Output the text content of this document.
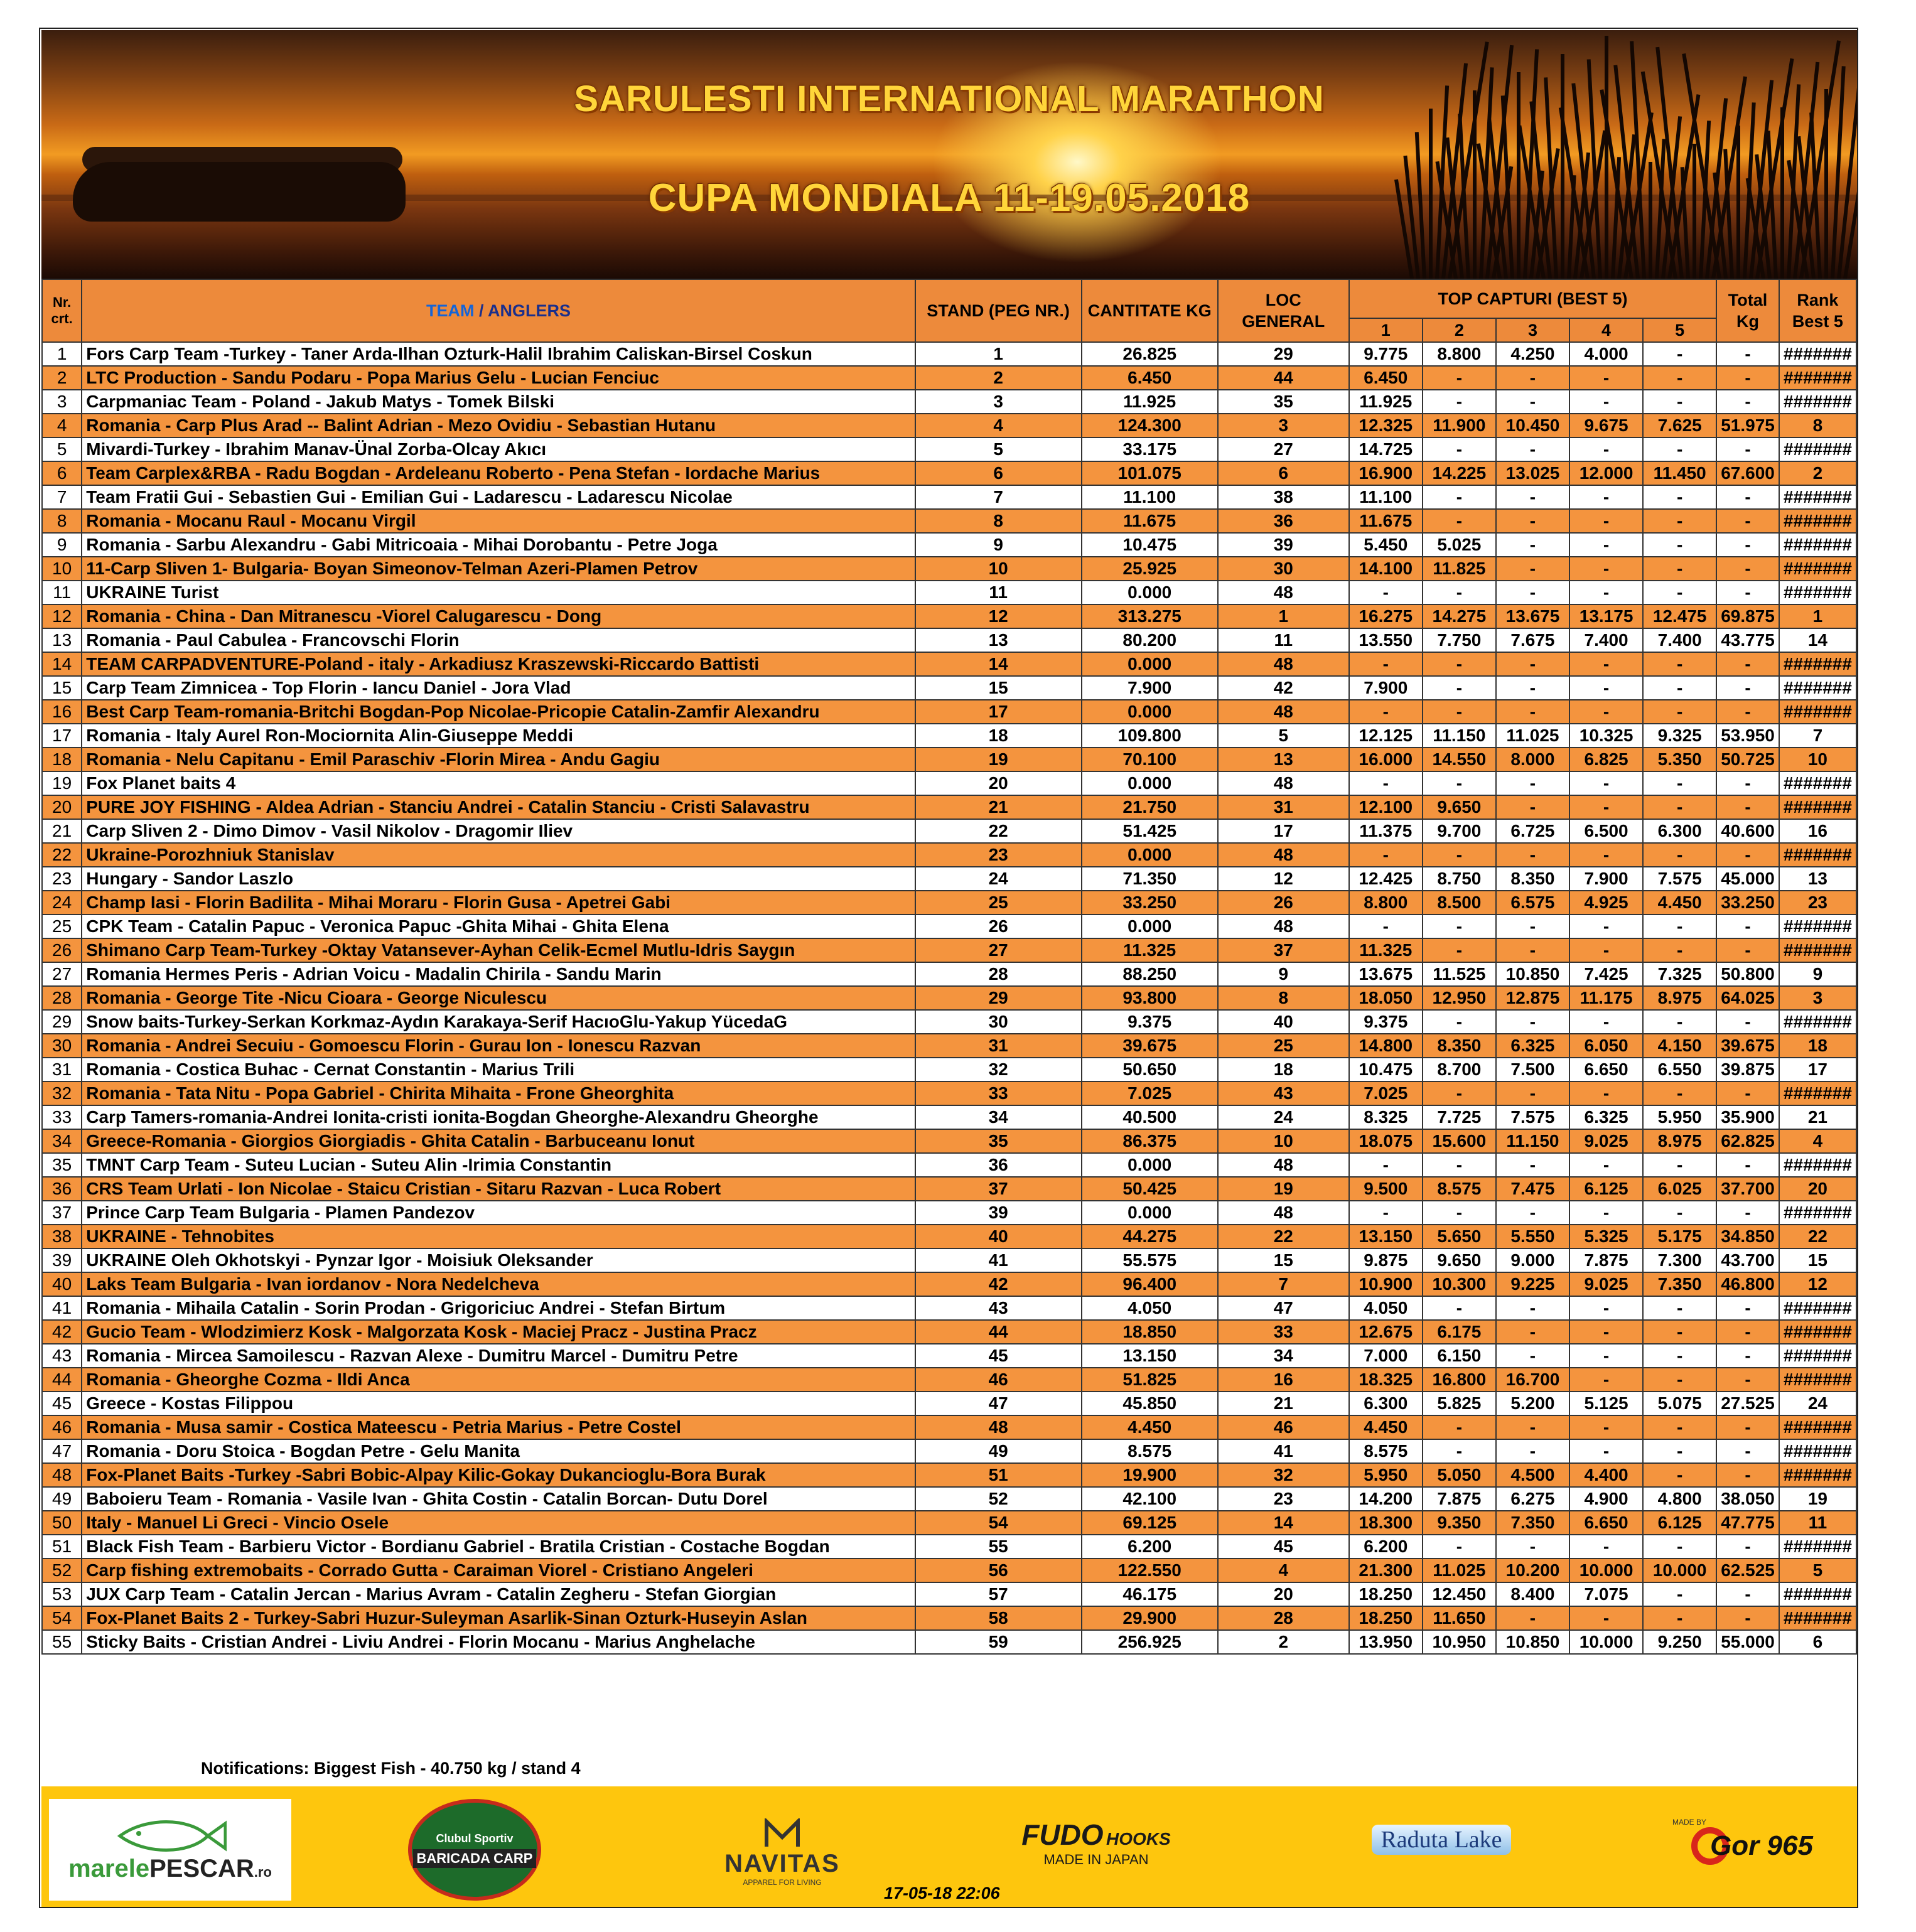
SARULESTI INTERNATIONAL MARATHON
CUPA MONDIALA 11-19.05.2018
Nr. crt.	TEAM / ANGLERS	STAND (PEG NR.)	CANTITATE KG	LOC GENERAL	TOP CAPTURI (BEST 5)					Total Kg	Rank Best 5
					1	2	3	4	5		
1	Fors Carp Team -Turkey - Taner Arda-Ilhan Ozturk-Halil Ibrahim Caliskan-Birsel Coskun	1	26.825	29	9.775	8.800	4.250	4.000	-	-	#######
2	LTC Production - Sandu Podaru - Popa Marius Gelu - Lucian Fenciuc	2	6.450	44	6.450	-	-	-	-	-	#######
3	Carpmaniac Team - Poland - Jakub Matys - Tomek Bilski	3	11.925	35	11.925	-	-	-	-	-	#######
4	Romania - Carp Plus Arad -- Balint Adrian - Mezo Ovidiu - Sebastian Hutanu	4	124.300	3	12.325	11.900	10.450	9.675	7.625	51.975	8
5	Mivardi-Turkey - Ibrahim Manav-Ünal Zorba-Olcay Akıcı	5	33.175	27	14.725	-	-	-	-	-	#######
6	Team Carplex&RBA - Radu Bogdan - Ardeleanu Roberto - Pena Stefan - Iordache Marius	6	101.075	6	16.900	14.225	13.025	12.000	11.450	67.600	2
7	Team Fratii Gui - Sebastien Gui - Emilian Gui - Ladarescu - Ladarescu Nicolae	7	11.100	38	11.100	-	-	-	-	-	#######
8	Romania - Mocanu Raul - Mocanu Virgil	8	11.675	36	11.675	-	-	-	-	-	#######
9	Romania - Sarbu Alexandru - Gabi Mitricoaia - Mihai Dorobantu - Petre Joga	9	10.475	39	5.450	5.025	-	-	-	-	#######
10	11-Carp Sliven 1- Bulgaria- Boyan Simeonov-Telman Azeri-Plamen Petrov	10	25.925	30	14.100	11.825	-	-	-	-	#######
11	UKRAINE Turist	11	0.000	48	-	-	-	-	-	-	#######
12	Romania - China - Dan Mitranescu -Viorel Calugarescu - Dong	12	313.275	1	16.275	14.275	13.675	13.175	12.475	69.875	1
13	Romania - Paul Cabulea - Francovschi Florin	13	80.200	11	13.550	7.750	7.675	7.400	7.400	43.775	14
14	TEAM CARPADVENTURE-Poland - italy - Arkadiusz Kraszewski-Riccardo Battisti	14	0.000	48	-	-	-	-	-	-	#######
15	Carp Team Zimnicea - Top Florin - Iancu Daniel - Jora Vlad	15	7.900	42	7.900	-	-	-	-	-	#######
16	Best Carp Team-romania-Britchi Bogdan-Pop Nicolae-Pricopie Catalin-Zamfir Alexandru	17	0.000	48	-	-	-	-	-	-	#######
17	Romania - Italy Aurel Ron-Mociornita Alin-Giuseppe Meddi	18	109.800	5	12.125	11.150	11.025	10.325	9.325	53.950	7
18	Romania - Nelu Capitanu - Emil Paraschiv -Florin Mirea - Andu Gagiu	19	70.100	13	16.000	14.550	8.000	6.825	5.350	50.725	10
19	Fox Planet baits 4	20	0.000	48	-	-	-	-	-	-	#######
20	PURE JOY FISHING - Aldea Adrian - Stanciu Andrei - Catalin Stanciu - Cristi Salavastru	21	21.750	31	12.100	9.650	-	-	-	-	#######
21	Carp Sliven 2 - Dimo Dimov - Vasil Nikolov - Dragomir Iliev	22	51.425	17	11.375	9.700	6.725	6.500	6.300	40.600	16
22	Ukraine-Porozhniuk Stanislav	23	0.000	48	-	-	-	-	-	-	#######
23	Hungary - Sandor Laszlo	24	71.350	12	12.425	8.750	8.350	7.900	7.575	45.000	13
24	Champ Iasi - Florin Badilita - Mihai Moraru - Florin Gusa - Apetrei Gabi	25	33.250	26	8.800	8.500	6.575	4.925	4.450	33.250	23
25	CPK Team - Catalin Papuc - Veronica Papuc -Ghita Mihai - Ghita Elena	26	0.000	48	-	-	-	-	-	-	#######
26	Shimano Carp Team-Turkey -Oktay Vatansever-Ayhan Celik-Ecmel Mutlu-Idris Saygın	27	11.325	37	11.325	-	-	-	-	-	#######
27	Romania Hermes Peris - Adrian Voicu - Madalin Chirila - Sandu Marin	28	88.250	9	13.675	11.525	10.850	7.425	7.325	50.800	9
28	Romania - George Tite -Nicu Cioara - George Niculescu	29	93.800	8	18.050	12.950	12.875	11.175	8.975	64.025	3
29	Snow baits-Turkey-Serkan Korkmaz-Aydın Karakaya-Serif HacıoGlu-Yakup YücedaG	30	9.375	40	9.375	-	-	-	-	-	#######
30	Romania - Andrei Secuiu - Gomoescu Florin - Gurau Ion - Ionescu Razvan	31	39.675	25	14.800	8.350	6.325	6.050	4.150	39.675	18
31	Romania - Costica Buhac - Cernat Constantin - Marius Trili	32	50.650	18	10.475	8.700	7.500	6.650	6.550	39.875	17
32	Romania - Tata Nitu - Popa Gabriel - Chirita Mihaita - Frone Gheorghita	33	7.025	43	7.025	-	-	-	-	-	#######
33	Carp Tamers-romania-Andrei Ionita-cristi ionita-Bogdan Gheorghe-Alexandru Gheorghe	34	40.500	24	8.325	7.725	7.575	6.325	5.950	35.900	21
34	Greece-Romania - Giorgios Giorgiadis - Ghita Catalin - Barbuceanu Ionut	35	86.375	10	18.075	15.600	11.150	9.025	8.975	62.825	4
35	TMNT Carp Team - Suteu Lucian - Suteu Alin -Irimia Constantin	36	0.000	48	-	-	-	-	-	-	#######
36	CRS Team Urlati - Ion Nicolae - Staicu Cristian - Sitaru Razvan - Luca Robert	37	50.425	19	9.500	8.575	7.475	6.125	6.025	37.700	20
37	Prince Carp Team Bulgaria - Plamen Pandezov	39	0.000	48	-	-	-	-	-	-	#######
38	UKRAINE - Tehnobites	40	44.275	22	13.150	5.650	5.550	5.325	5.175	34.850	22
39	UKRAINE Oleh Okhotskyi - Pynzar Igor - Moisiuk Oleksander	41	55.575	15	9.875	9.650	9.000	7.875	7.300	43.700	15
40	Laks Team Bulgaria - Ivan iordanov - Nora Nedelcheva	42	96.400	7	10.900	10.300	9.225	9.025	7.350	46.800	12
41	Romania - Mihaila Catalin - Sorin Prodan - Grigoriciuc Andrei - Stefan Birtum	43	4.050	47	4.050	-	-	-	-	-	#######
42	Gucio Team - Wlodzimierz Kosk - Malgorzata Kosk - Maciej Pracz - Justina Pracz	44	18.850	33	12.675	6.175	-	-	-	-	#######
43	Romania - Mircea Samoilescu - Razvan Alexe - Dumitru Marcel - Dumitru Petre	45	13.150	34	7.000	6.150	-	-	-	-	#######
44	Romania - Gheorghe Cozma - Ildi Anca	46	51.825	16	18.325	16.800	16.700	-	-	-	#######
45	Greece - Kostas Filippou	47	45.850	21	6.300	5.825	5.200	5.125	5.075	27.525	24
46	Romania - Musa samir - Costica Mateescu - Petria Marius - Petre Costel	48	4.450	46	4.450	-	-	-	-	-	#######
47	Romania - Doru Stoica - Bogdan Petre - Gelu Manita	49	8.575	41	8.575	-	-	-	-	-	#######
48	Fox-Planet Baits -Turkey -Sabri Bobic-Alpay Kilic-Gokay Dukancioglu-Bora Burak	51	19.900	32	5.950	5.050	4.500	4.400	-	-	#######
49	Baboieru Team - Romania - Vasile Ivan - Ghita Costin - Catalin Borcan- Dutu Dorel	52	42.100	23	14.200	7.875	6.275	4.900	4.800	38.050	19
50	Italy - Manuel Li Greci - Vincio Osele	54	69.125	14	18.300	9.350	7.350	6.650	6.125	47.775	11
51	Black Fish Team - Barbieru Victor - Bordianu Gabriel - Bratila Cristian - Costache Bogdan	55	6.200	45	6.200	-	-	-	-	-	#######
52	Carp fishing extremobaits - Corrado Gutta - Caraiman Viorel - Cristiano Angeleri	56	122.550	4	21.300	11.025	10.200	10.000	10.000	62.525	5
53	JUX Carp Team - Catalin Jercan - Marius Avram - Catalin Zegheru - Stefan Giorgian	57	46.175	20	18.250	12.450	8.400	7.075	-	-	#######
54	Fox-Planet Baits 2 - Turkey-Sabri Huzur-Suleyman Asarlik-Sinan Ozturk-Huseyin Aslan	58	29.900	28	18.250	11.650	-	-	-	-	#######
55	Sticky Baits - Cristian Andrei - Liviu Andrei - Florin Mocanu - Marius Anghelache	59	256.925	2	13.950	10.950	10.850	10.000	9.250	55.000	6
Notifications: Biggest Fish - 40.750 kg / stand 4
marelePESCAR.ro
Clubul Sportiv
BARICADA CARP	NAVITAS
APPAREL FOR LIVING
FUDO HOOKS
MADE IN JAPAN
Raduta Lake
MADE BY
Gor 965
17-05-18 22:06
